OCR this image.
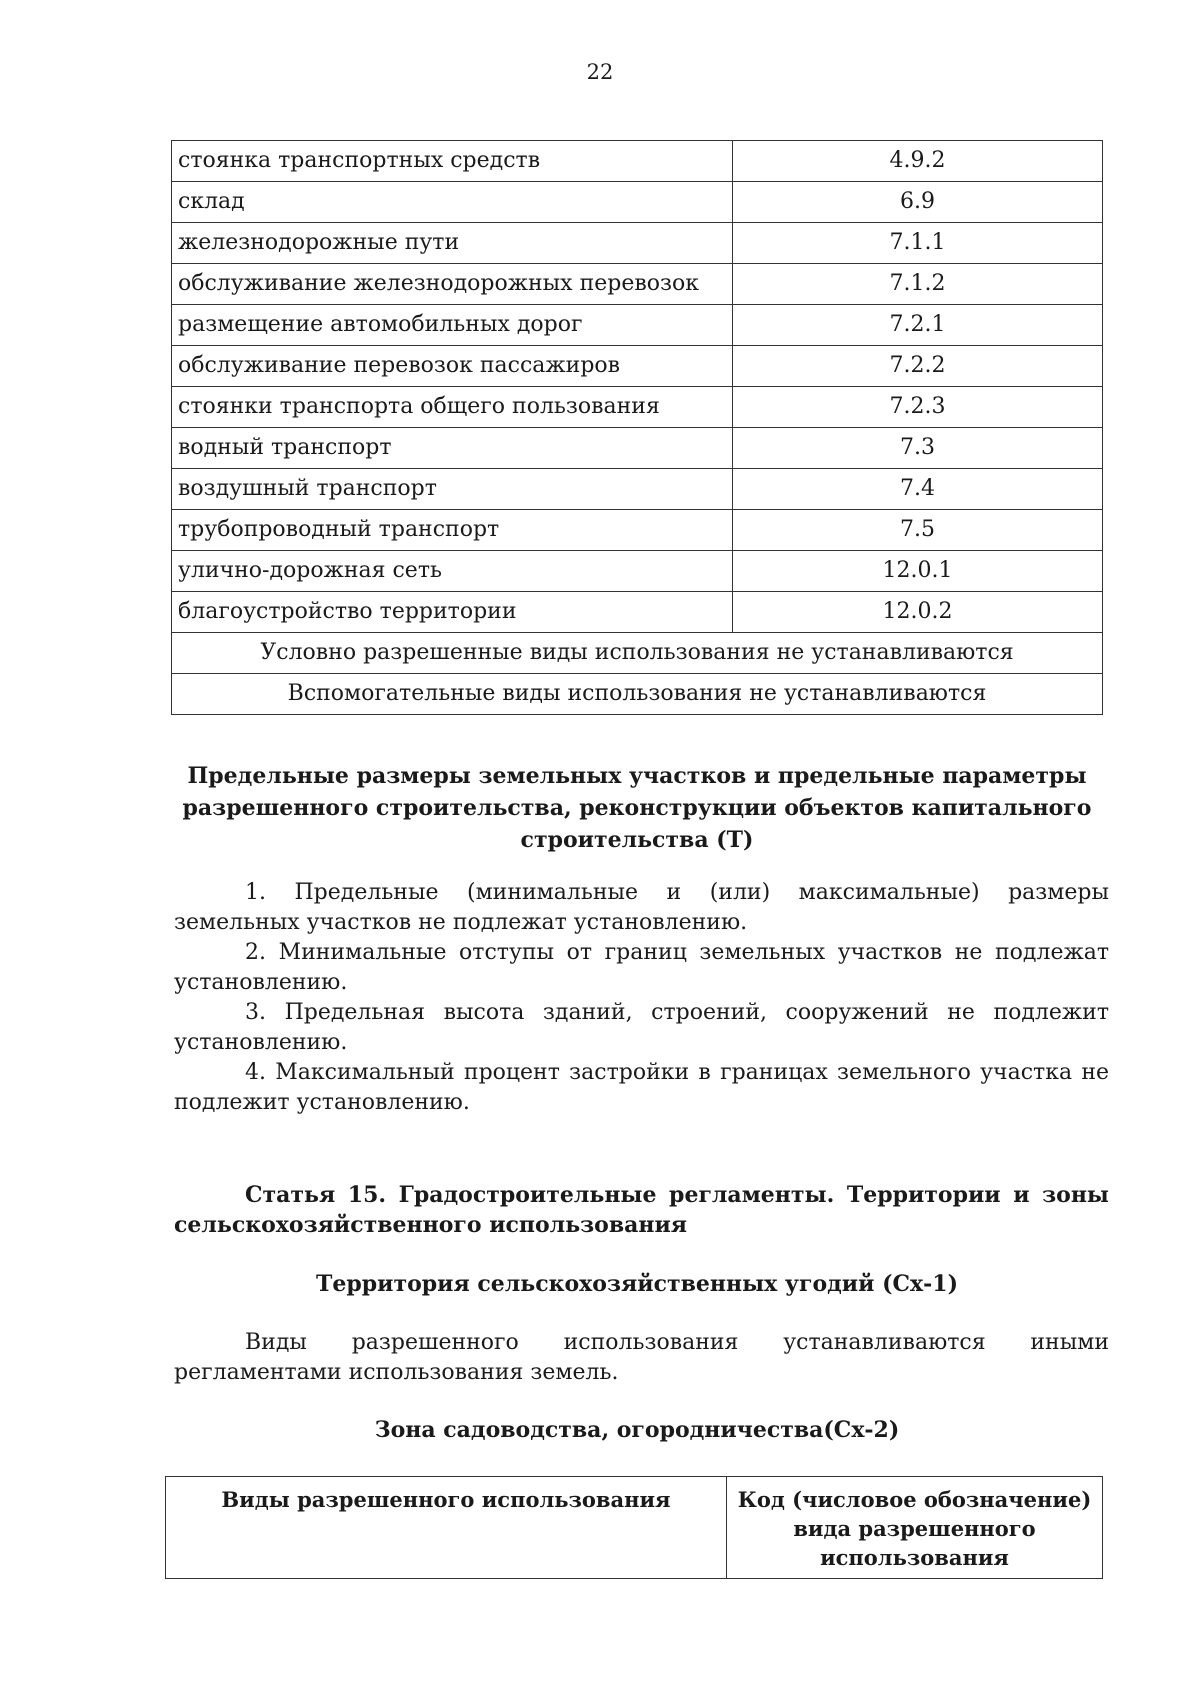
22
стоянка транспортных средств	4.9.2
склад	6.9
железнодорожные пути	7.1.1
обслуживание железнодорожных перевозок	7.1.2
размещение автомобильных дорог	7.2.1
обслуживание перевозок пассажиров	7.2.2
стоянки транспорта общего пользования	7.2.3
водный транспорт	7.3
воздушный транспорт	7.4
трубопроводный транспорт	7.5
улично-дорожная сеть	12.0.1
благоустройство территории	12.0.2
Условно разрешенные виды использования не устанавливаются	
Вспомогательные виды использования не устанавливаются	
Предельные размеры земельных участков и предельные параметры
разрешенного строительства, реконструкции объектов капитального
строительства (Т)
1. Предельные (минимальные и (или) максимальные) размеры земельных участков не подлежат установлению.
2. Минимальные отступы от границ земельных участков не подлежат установлению.
3. Предельная высота зданий, строений, сооружений не подлежит установлению.
4. Максимальный процент застройки в границах земельного участка не подлежит установлению.
Статья 15. Градостроительные регламенты. Территории и зоны сельскохозяйственного использования
Территория сельскохозяйственных угодий (Сх-1)
Виды разрешенного использования устанавливаются иными регламентами использования земель.
Зона садоводства, огородничества(Сх-2)
Виды разрешенного использования	Код (числовое обозначение)
вида разрешенного
использования
